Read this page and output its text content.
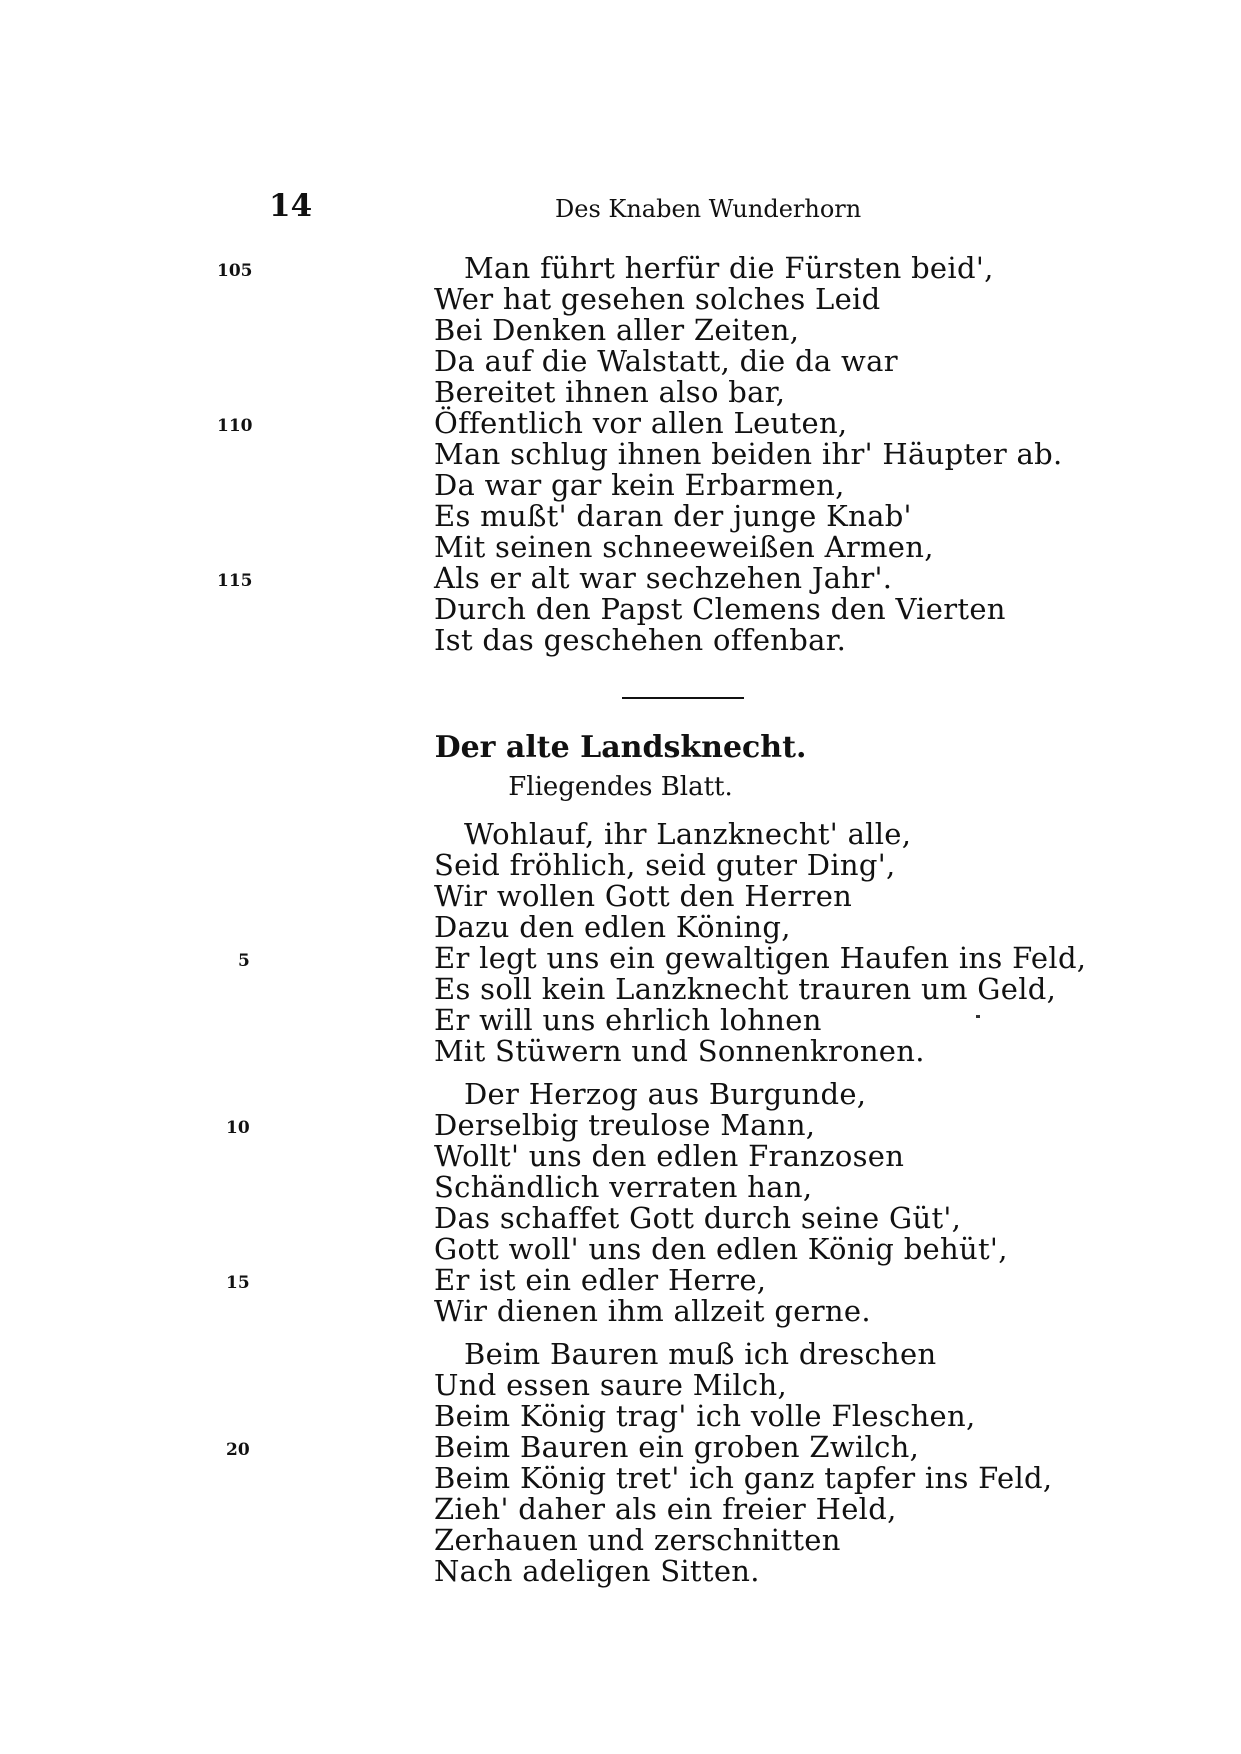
14	Des Knaben Wunderhorn
Man führt herfür die Fürsten beid',
Wer hat gesehen solches Leid
Bei Denken aller Zeiten,
Da auf die Walstatt, die da war
Bereitet ihnen also bar,
Öffentlich vor allen Leuten,
Man schlug ihnen beiden ihr' Häupter ab.
Da war gar kein Erbarmen,
Es mußt' daran der junge Knab'
Mit seinen schneeweißen Armen,
Als er alt war sechzehen Jahr'.
Durch den Papst Clemens den Vierten
Ist das geschehen offenbar.
105
110
115
Der alte Landsknecht.
Fliegendes Blatt.
Wohlauf, ihr Lanzknecht' alle,
Seid fröhlich, seid guter Ding',
Wir wollen Gott den Herren
Dazu den edlen Köning,
Er legt uns ein gewaltigen Haufen ins Feld,
Es soll kein Lanzknecht trauren um Geld,
Er will uns ehrlich lohnen
Mit Stüwern und Sonnenkronen.
Der Herzog aus Burgunde,
Derselbig treulose Mann,
Wollt' uns den edlen Franzosen
Schändlich verraten han,
Das schaffet Gott durch seine Güt',
Gott woll' uns den edlen König behüt',
Er ist ein edler Herre,
Wir dienen ihm allzeit gerne.
Beim Bauren muß ich dreschen
Und essen saure Milch,
Beim König trag' ich volle Fleschen,
Beim Bauren ein groben Zwilch,
Beim König tret' ich ganz tapfer ins Feld,
Zieh' daher als ein freier Held,
Zerhauen und zerschnitten
Nach adeligen Sitten.
5
10
15
20
